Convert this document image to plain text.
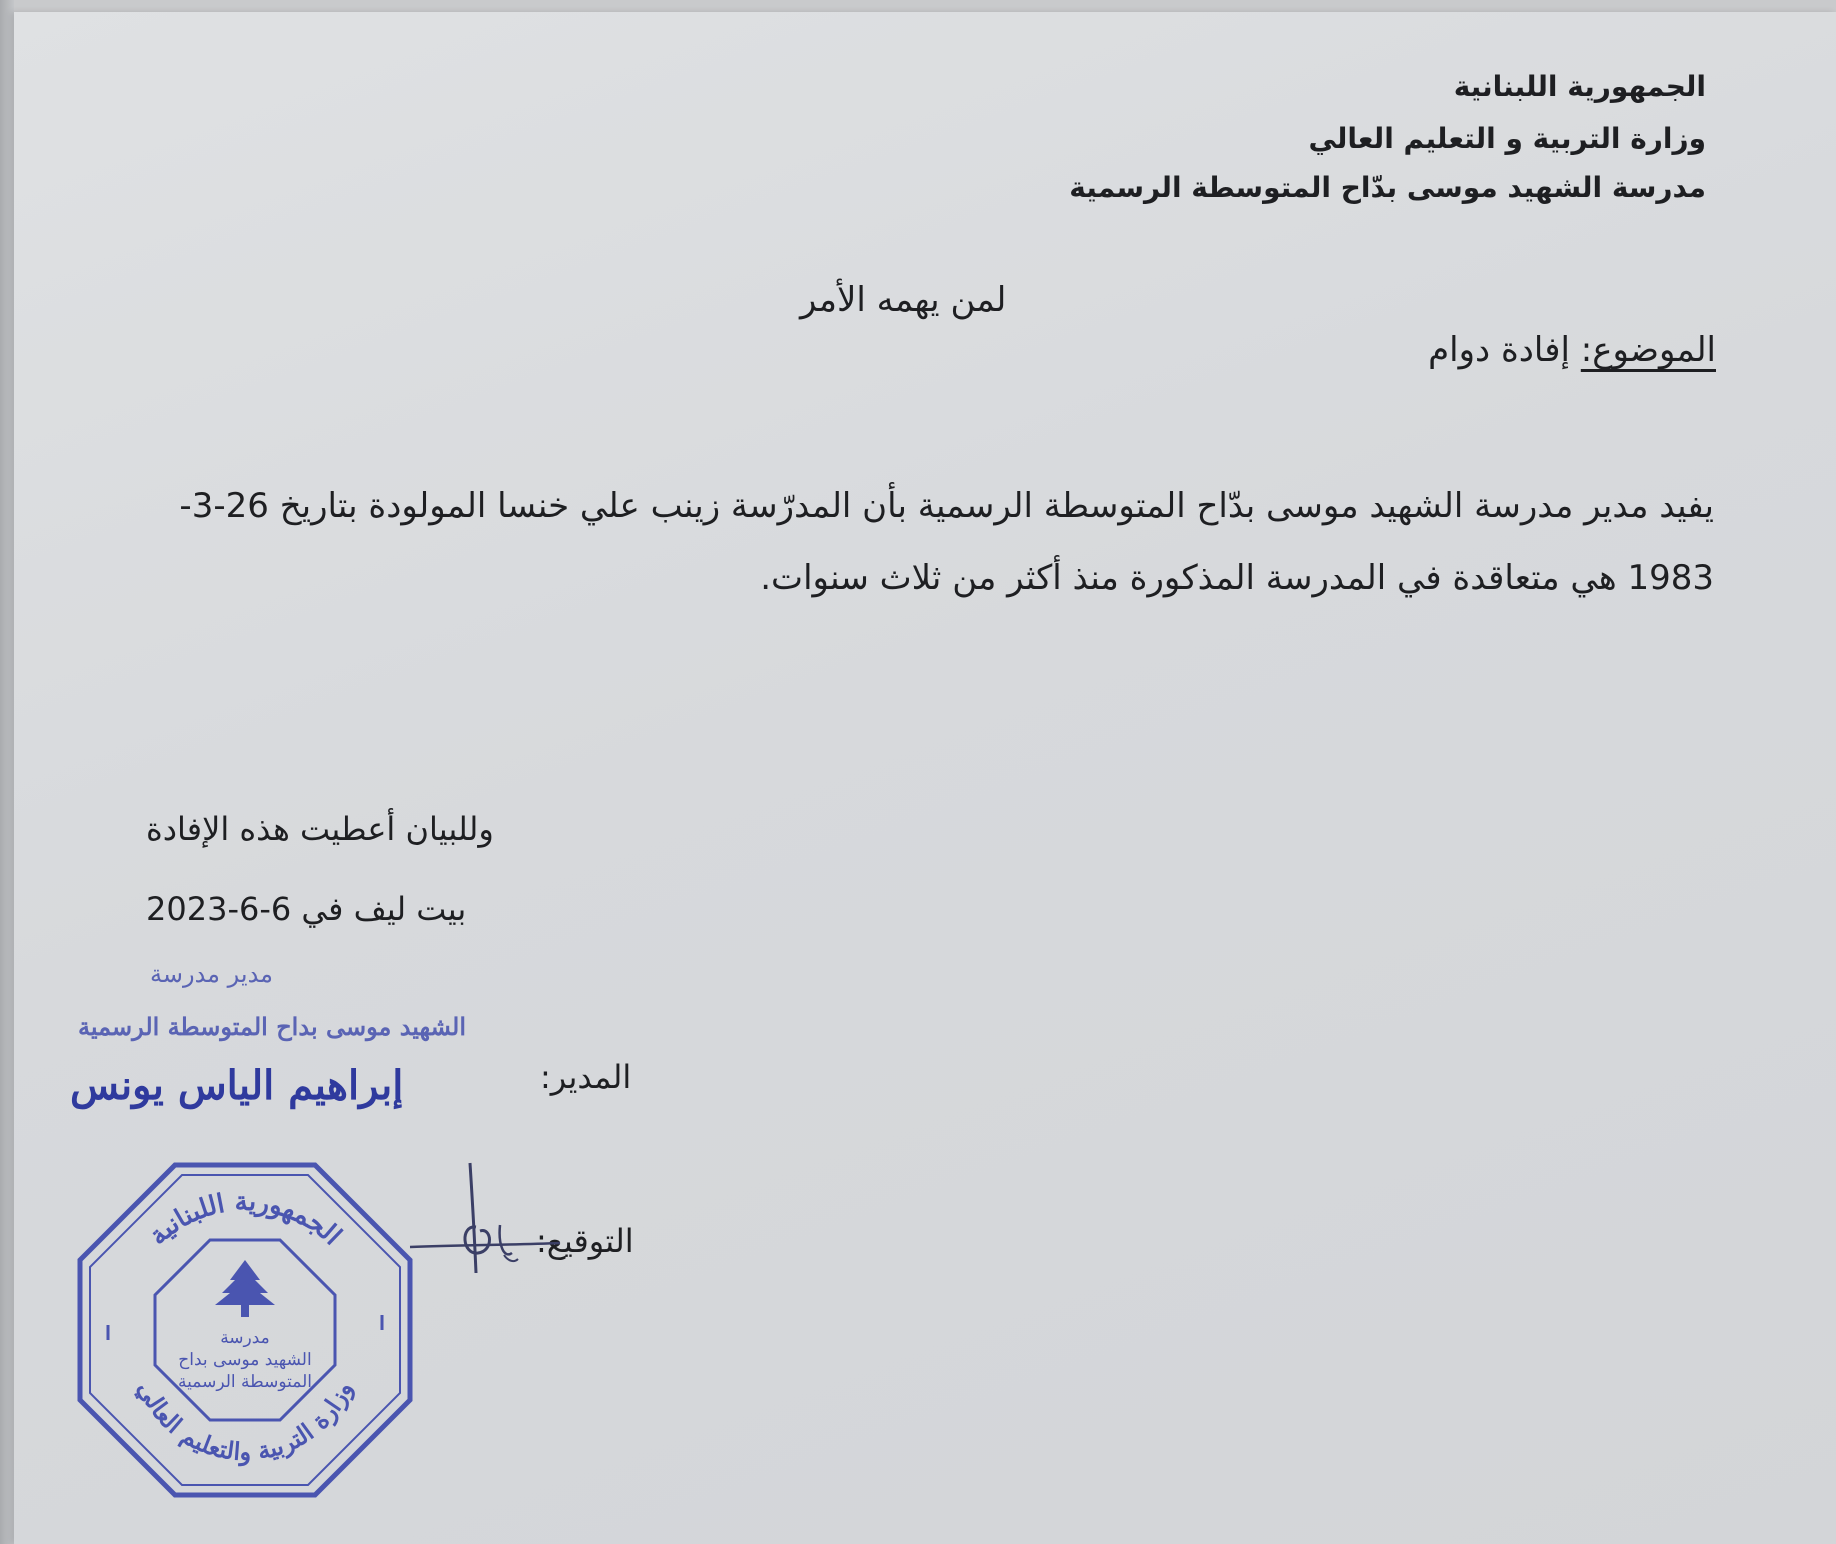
الجمهورية اللبنانية
وزارة التربية و التعليم العالي
مدرسة الشهيد موسى بدّاح المتوسطة الرسمية
لمن يهمه الأمر
الموضوع: إفادة دوام
يفيد مدير مدرسة الشهيد موسى بدّاح المتوسطة الرسمية بأن المدرّسة زينب علي خنسا المولودة بتاريخ 26-3-1983 هي متعاقدة في المدرسة المذكورة منذ أكثر من ثلاث سنوات.
وللبيان أعطيت هذه الإفادة
بيت ليف في 6-6-2023
مدير مدرسة
الشهيد موسى بداح المتوسطة الرسمية
المدير:
إبراهيم الياس يونس
التوقيع:
الجمهورية اللبنانية
وزارة التربية والتعليم العالي
مدرسة
الشهيد موسى بداح
المتوسطة الرسمية
